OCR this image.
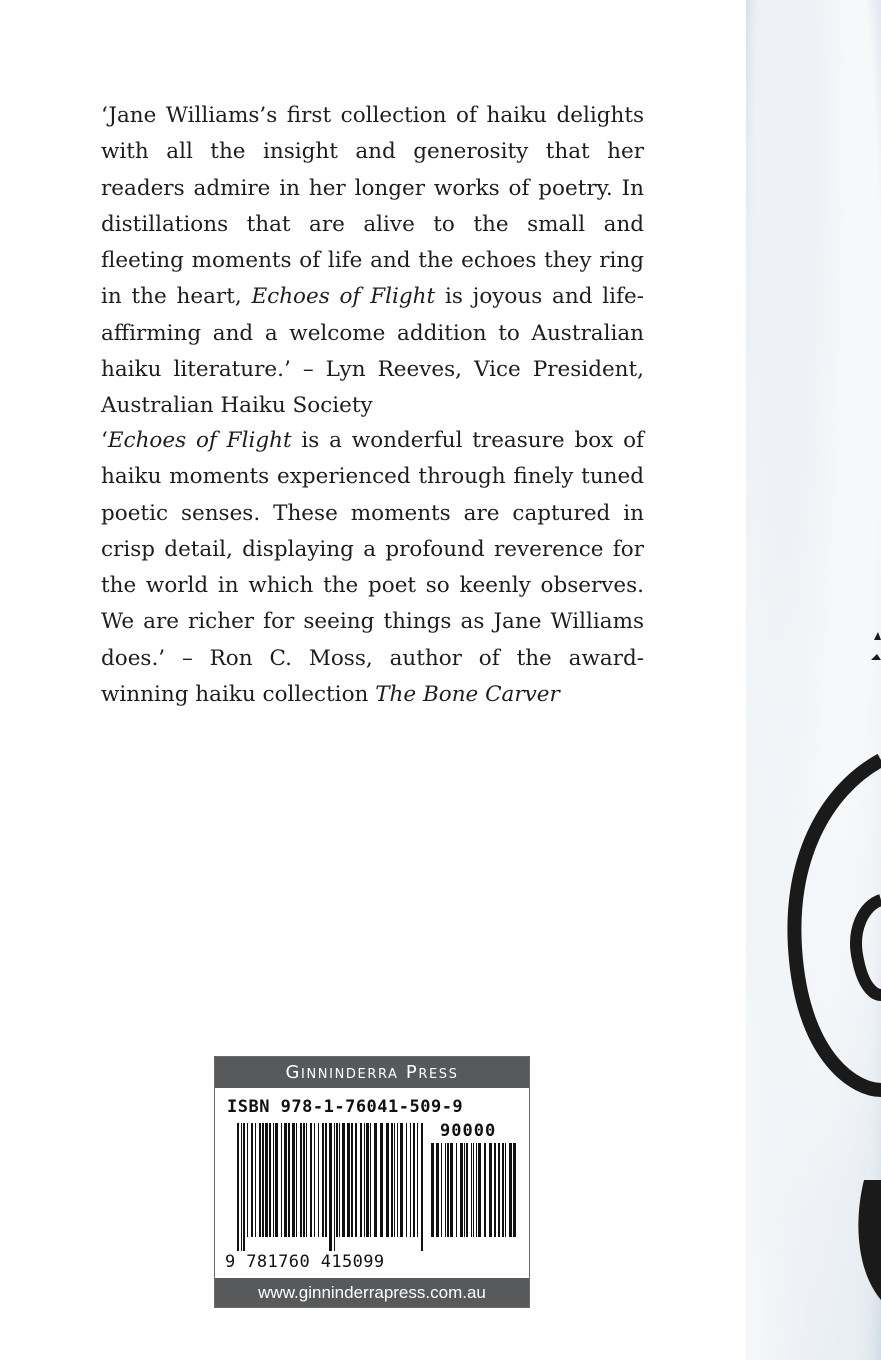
‘Jane Williams’s first collection of haiku delights with all the insight and generosity that her readers admire in her longer works of poetry. In distillations that are alive to the small and fleeting moments of life and the echoes they ring in the heart, Echoes of Flight is joyous and life-affirming and a welcome addition to Australian haiku literature.’ – Lyn Reeves, Vice President, Australian Haiku Society

‘Echoes of Flight is a wonderful treasure box of haiku moments experienced through finely tuned poetic senses. These moments are captured in crisp detail, displaying a profound reverence for the world in which the poet so keenly observes. We are richer for seeing things as Jane Williams does.’ – Ron C. Moss, author of the award-winning haiku collection The Bone Carver

Ginninderra Press
ISBN 978-1-76041-509-9
90000
9 781760 415099
www.ginninderrapress.com.au
